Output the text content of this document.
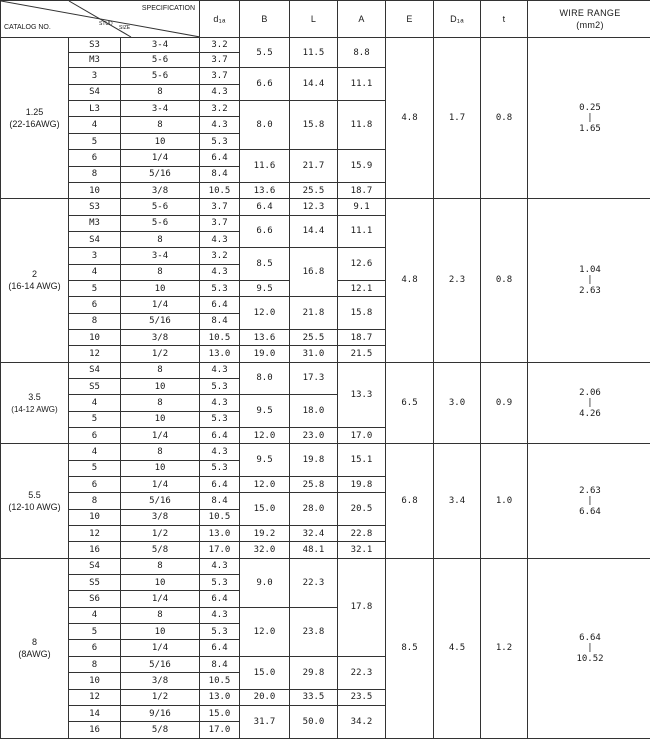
SPECIFICATION
STUD
SIZE
CATALOG NO.			d₁ₐ	B	L	A	E	D₁ₐ	t	WIRE RANGE
(mm2)
1.25
(22-16AWG)	S3	3-4	3.2	5.5	11.5	8.8	4.8	1.7	0.8	0.25
|
1.65
	M3	5-6	3.7							
	3	5-6	3.7	6.6	14.4	11.1				
	S4	8	4.3							
	L3	3-4	3.2	8.0	15.8	11.8				
	4	8	4.3							
	5	10	5.3							
	6	1/4	6.4	11.6	21.7	15.9				
	8	5/16	8.4							
	10	3/8	10.5	13.6	25.5	18.7				
2
(16-14 AWG)	S3	5-6	3.7	6.4	12.3	9.1	4.8	2.3	0.8	1.04
|
2.63
	M3	5-6	3.7	6.6	14.4	11.1				
	S4	8	4.3							
	3	3-4	3.2	8.5	16.8	12.6				
	4	8	4.3							
	5	10	5.3	9.5		12.1				
	6	1/4	6.4	12.0	21.8	15.8				
	8	5/16	8.4							
	10	3/8	10.5	13.6	25.5	18.7				
	12	1/2	13.0	19.0	31.0	21.5				
3.5
(14-12 AWG)	S4	8	4.3	8.0	17.3	13.3	6.5	3.0	0.9	2.06
|
4.26
	S5	10	5.3							
	4	8	4.3	9.5	18.0					
	5	10	5.3							
	6	1/4	6.4	12.0	23.0	17.0				
5.5
(12-10 AWG)	4	8	4.3	9.5	19.8	15.1	6.8	3.4	1.0	2.63
|
6.64
	5	10	5.3							
	6	1/4	6.4	12.0	25.8	19.8				
	8	5/16	8.4	15.0	28.0	20.5				
	10	3/8	10.5							
	12	1/2	13.0	19.2	32.4	22.8				
	16	5/8	17.0	32.0	48.1	32.1				
8
(8AWG)	S4	8	4.3	9.0	22.3	17.8	8.5	4.5	1.2	6.64
|
10.52
	S5	10	5.3							
	S6	1/4	6.4							
	4	8	4.3	12.0	23.8					
	5	10	5.3							
	6	1/4	6.4							
	8	5/16	8.4	15.0	29.8	22.3				
	10	3/8	10.5							
	12	1/2	13.0	20.0	33.5	23.5				
	14	9/16	15.0	31.7	50.0	34.2				
	16	5/8	17.0							
